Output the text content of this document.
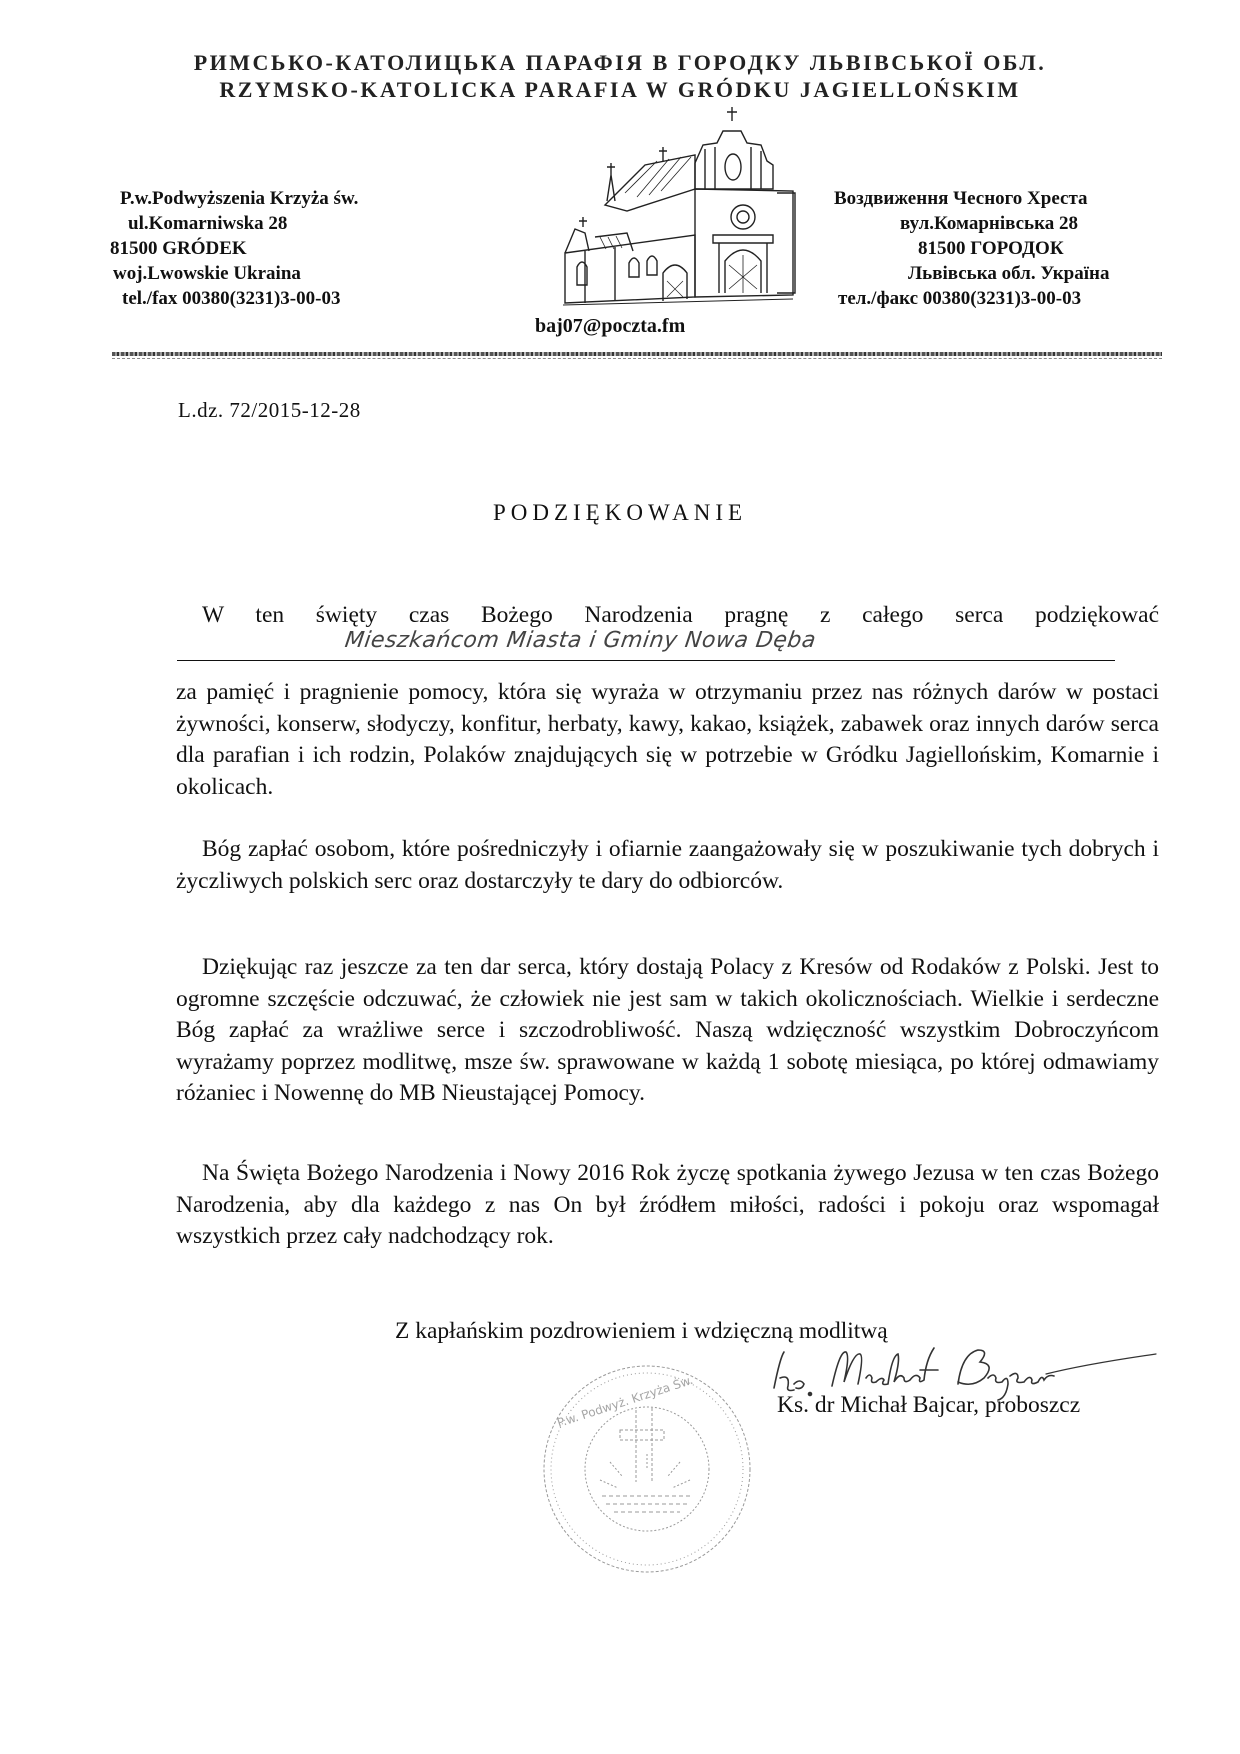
РИМСЬКО-КАТОЛИЦЬКА ПАРАФІЯ В ГОРОДКУ ЛЬВІВСЬКОЇ ОБЛ.
RZYMSKO-KATOLICKA PARAFIA W GRÓDKU JAGIELLOŃSKIM
P.w.Podwyższenia Krzyża św.
ul.Komarniwska 28
81500 GRÓDEK
woj.Lwowskie Ukraina
tel./fax 00380(3231)3-00-03
Воздвиження Чесного Хреста
вул.Комарнівська 28
81500 ГОРОДОК
Львівська обл. Україна
тел./факс 00380(3231)3-00-03
baj07@poczta.fm
L.dz. 72/2015-12-28
PODZIĘKOWANIE
W ten święty czas Bożego Narodzenia pragnę z całego serca podziękować
Mieszkańcom Miasta i Gminy Nowa Dęba
za pamięć i pragnienie pomocy, która się wyraża w otrzymaniu przez nas różnych darów w postaci żywności, konserw, słodyczy, konfitur, herbaty, kawy, kakao, książek, zabawek oraz innych darów serca dla parafian i ich rodzin, Polaków znajdujących się w potrzebie w Gródku Jagiellońskim, Komarnie i okolicach.
Bóg zapłać osobom, które pośredniczyły i ofiarnie zaangażowały się w poszukiwanie tych dobrych i życzliwych polskich serc oraz dostarczyły te dary do odbiorców.
Dziękując raz jeszcze za ten dar serca, który dostają Polacy z Kresów od Rodaków z Polski. Jest to ogromne szczęście odczuwać, że człowiek nie jest sam w takich okolicznościach. Wielkie i serdeczne Bóg zapłać za wrażliwe serce i szczodrobliwość. Naszą wdzięczność wszystkim Dobroczyńcom wyrażamy poprzez modlitwę, msze św. sprawowane w każdą 1 sobotę miesiąca, po której odmawiamy różaniec i Nowennę do MB Nieustającej Pomocy.
Na Święta Bożego Narodzenia i Nowy 2016 Rok życzę spotkania żywego Jezusa w ten czas Bożego Narodzenia, aby dla każdego z nas On był źródłem miłości, radości i pokoju oraz wspomagał wszystkich przez cały nadchodzący rok.
Z kapłańskim pozdrowieniem i wdzięczną modlitwą
P.w. Podwyż. Krzyża Św.	Ks. dr Michał Bajcar, proboszcz
